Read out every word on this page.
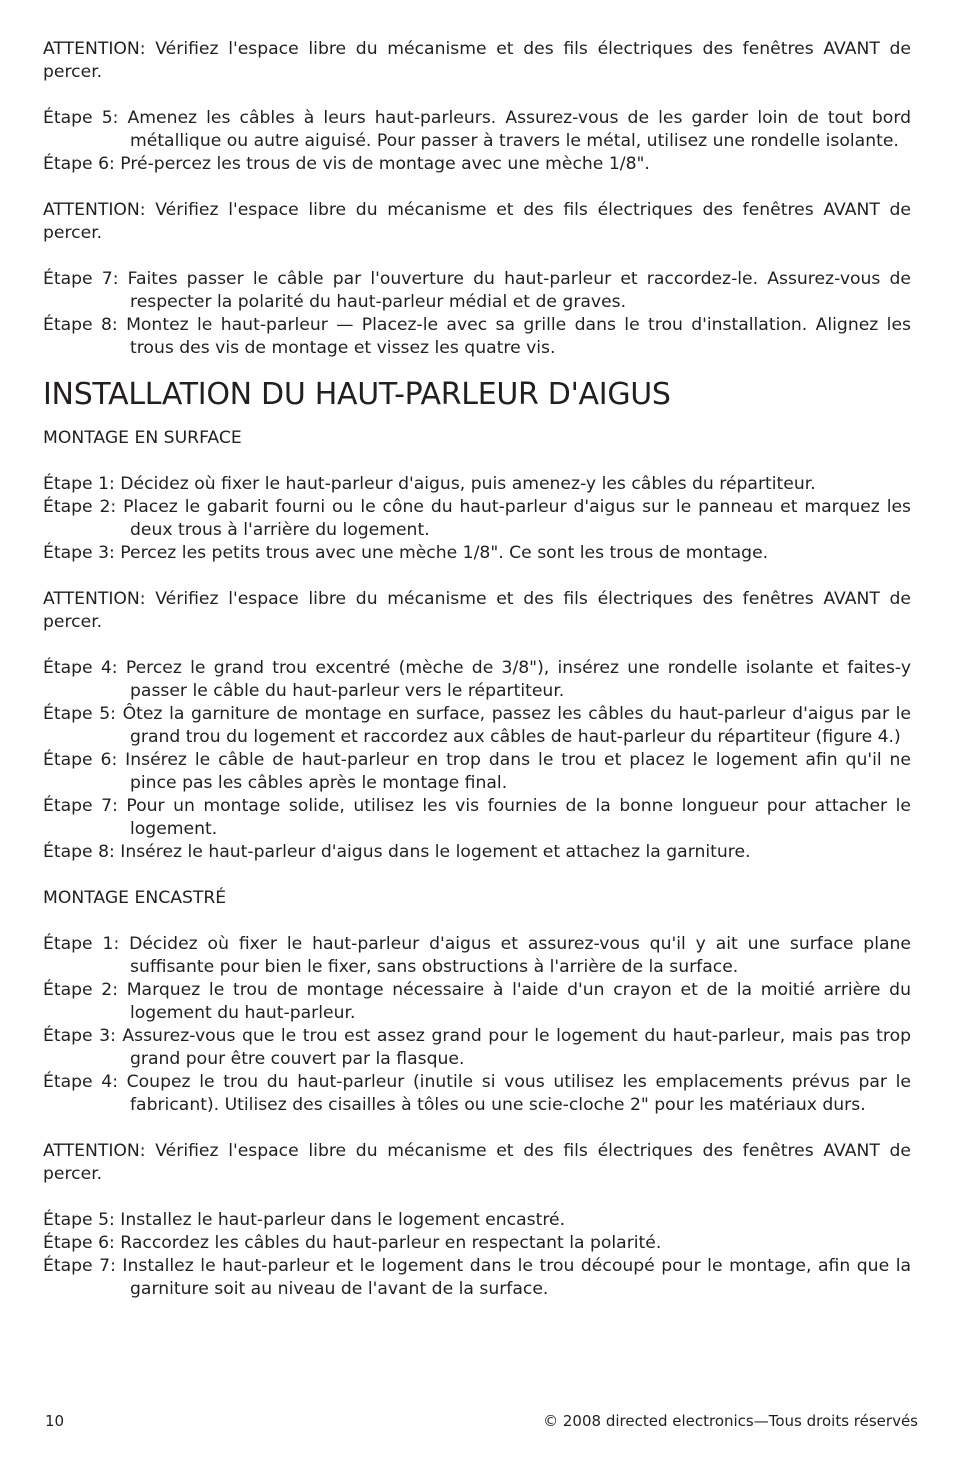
ATTENTION: Vérifiez l'espace libre du mécanisme et des fils électriques des fenêtres AVANT de percer.

Étape 5: Amenez les câbles à leurs haut-parleurs. Assurez-vous de les garder loin de tout bord métallique ou autre aiguisé. Pour passer à travers le métal, utilisez une rondelle isolante.

Étape 6: Pré-percez les trous de vis de montage avec une mèche 1/8".

ATTENTION: Vérifiez l'espace libre du mécanisme et des fils électriques des fenêtres AVANT de percer.

Étape 7: Faites passer le câble par l'ouverture du haut-parleur et raccordez-le. Assurez-vous de respecter la polarité du haut-parleur médial et de graves.

Étape 8: Montez le haut-parleur — Placez-le avec sa grille dans le trou d'installation. Alignez les trous des vis de montage et vissez les quatre vis.

INSTALLATION DU HAUT-PARLEUR D'AIGUS

MONTAGE EN SURFACE

Étape 1: Décidez où fixer le haut-parleur d'aigus, puis amenez-y les câbles du répartiteur.

Étape 2: Placez le gabarit fourni ou le cône du haut-parleur d'aigus sur le panneau et marquez les deux trous à l'arrière du logement.

Étape 3: Percez les petits trous avec une mèche 1/8". Ce sont les trous de montage.

ATTENTION: Vérifiez l'espace libre du mécanisme et des fils électriques des fenêtres AVANT de percer.

Étape 4: Percez le grand trou excentré (mèche de 3/8"), insérez une rondelle isolante et faites-y passer le câble du haut-parleur vers le répartiteur.

Étape 5: Ôtez la garniture de montage en surface, passez les câbles du haut-parleur d'aigus par le grand trou du logement et raccordez aux câbles de haut-parleur du répartiteur (figure 4.)

Étape 6: Insérez le câble de haut-parleur en trop dans le trou et placez le logement afin qu'il ne pince pas les câbles après le montage final.

Étape 7: Pour un montage solide, utilisez les vis fournies de la bonne longueur pour attacher le logement.

Étape 8: Insérez le haut-parleur d'aigus dans le logement et attachez la garniture.

MONTAGE ENCASTRÉ

Étape 1: Décidez où fixer le haut-parleur d'aigus et assurez-vous qu'il y ait une surface plane suffisante pour bien le fixer, sans obstructions à l'arrière de la surface.

Étape 2: Marquez le trou de montage nécessaire à l'aide d'un crayon et de la moitié arrière du logement du haut-parleur.

Étape 3: Assurez-vous que le trou est assez grand pour le logement du haut-parleur, mais pas trop grand pour être couvert par la flasque.

Étape 4: Coupez le trou du haut-parleur (inutile si vous utilisez les emplacements prévus par le fabricant). Utilisez des cisailles à tôles ou une scie-cloche 2" pour les matériaux durs.

ATTENTION: Vérifiez l'espace libre du mécanisme et des fils électriques des fenêtres AVANT de percer.

Étape 5: Installez le haut-parleur dans le logement encastré.

Étape 6: Raccordez les câbles du haut-parleur en respectant la polarité.

Étape 7: Installez le haut-parleur et le logement dans le trou découpé pour le montage, afin que la garniture soit au niveau de l'avant de la surface.

10	© 2008 directed electronics—Tous droits réservés
